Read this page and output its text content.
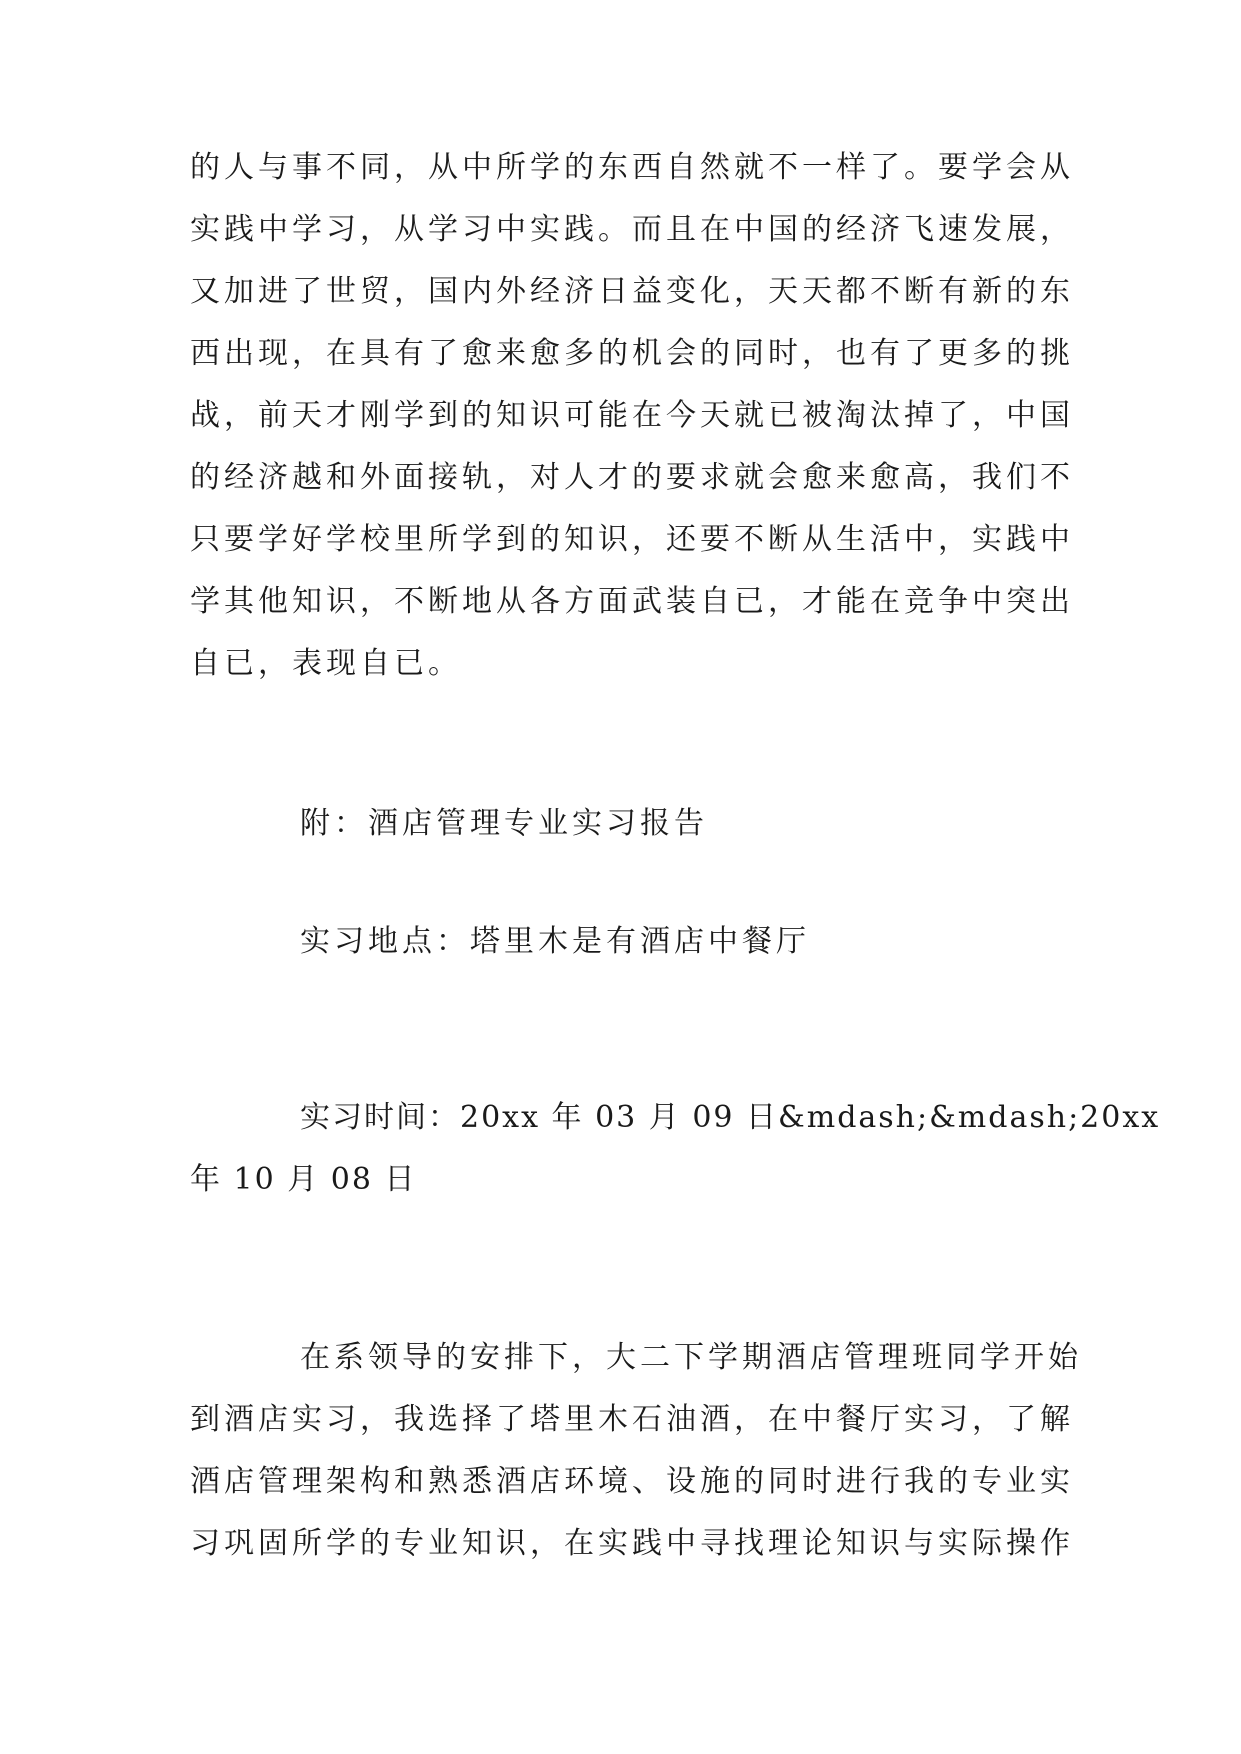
的人与事不同，从中所学的东西自然就不一样了。要学会从
实践中学习，从学习中实践。而且在中国的经济飞速发展，
又加进了世贸，国内外经济日益变化，天天都不断有新的东
西出现，在具有了愈来愈多的机会的同时，也有了更多的挑
战，前天才刚学到的知识可能在今天就已被淘汰掉了，中国
的经济越和外面接轨，对人才的要求就会愈来愈高，我们不
只要学好学校里所学到的知识，还要不断从生活中，实践中
学其他知识，不断地从各方面武装自已，才能在竞争中突出
自已，表现自已。
附：酒店管理专业实习报告
实习地点：塔里木是有酒店中餐厅
实习时间：20xx 年 03 月 09 日&mdash;&mdash;20xx
年 10 月 08 日
在系领导的安排下，大二下学期酒店管理班同学开始
到酒店实习，我选择了塔里木石油酒，在中餐厅实习，了解
酒店管理架构和熟悉酒店环境、设施的同时进行我的专业实
习巩固所学的专业知识，在实践中寻找理论知识与实际操作
